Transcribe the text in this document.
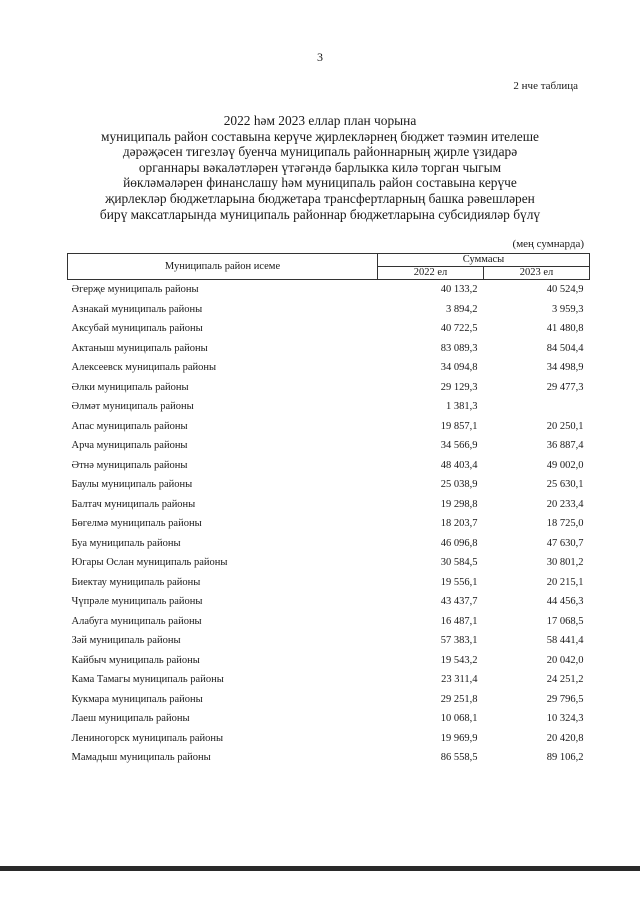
3
2 нче таблица
2022 һәм 2023 еллар план чорына
муниципаль район составына керүче җирлекләрнең бюджет тәэмин ителеше
дәрәҗәсен тигезләү буенча муниципаль районнарның җирле үзидарә
органнары вәкаләтләрен үтәгәндә барлыкка килә торган чыгым
йөкләмәләрен финанслашу һәм муниципаль район составына керүче
җирлекләр бюджетларына бюджетара трансфертларның башка рәвешләрен
бирү максатларында муниципаль районнар бюджетларына субсидияләр бүлү
(мең сумнарда)
Муниципаль район исеме	Суммасы	
	2022 ел	2023 ел
Әгерҗе муниципаль районы	40 133,2	40 524,9
Азнакай муниципаль районы	3 894,2	3 959,3
Аксубай муниципаль районы	40 722,5	41 480,8
Актаныш муниципаль районы	83 089,3	84 504,4
Алексеевск муниципаль районы	34 094,8	34 498,9
Әлки муниципаль районы	29 129,3	29 477,3
Әлмәт муниципаль районы	1 381,3	
Апас муниципаль районы	19 857,1	20 250,1
Арча муниципаль районы	34 566,9	36 887,4
Әтнә муниципаль районы	48 403,4	49 002,0
Баулы муниципаль районы	25 038,9	25 630,1
Балтач муниципаль районы	19 298,8	20 233,4
Бөгелмә муниципаль районы	18 203,7	18 725,0
Буа муниципаль районы	46 096,8	47 630,7
Югары Ослан муниципаль районы	30 584,5	30 801,2
Биектау муниципаль районы	19 556,1	20 215,1
Чүпрәле муниципаль районы	43 437,7	44 456,3
Алабуга муниципаль районы	16 487,1	17 068,5
Зәй муниципаль районы	57 383,1	58 441,4
Кайбыч муниципаль районы	19 543,2	20 042,0
Кама Тамагы муниципаль районы	23 311,4	24 251,2
Кукмара муниципаль районы	29 251,8	29 796,5
Лаеш муниципаль районы	10 068,1	10 324,3
Лениногорск муниципаль районы	19 969,9	20 420,8
Мамадыш муниципаль районы	86 558,5	89 106,2
